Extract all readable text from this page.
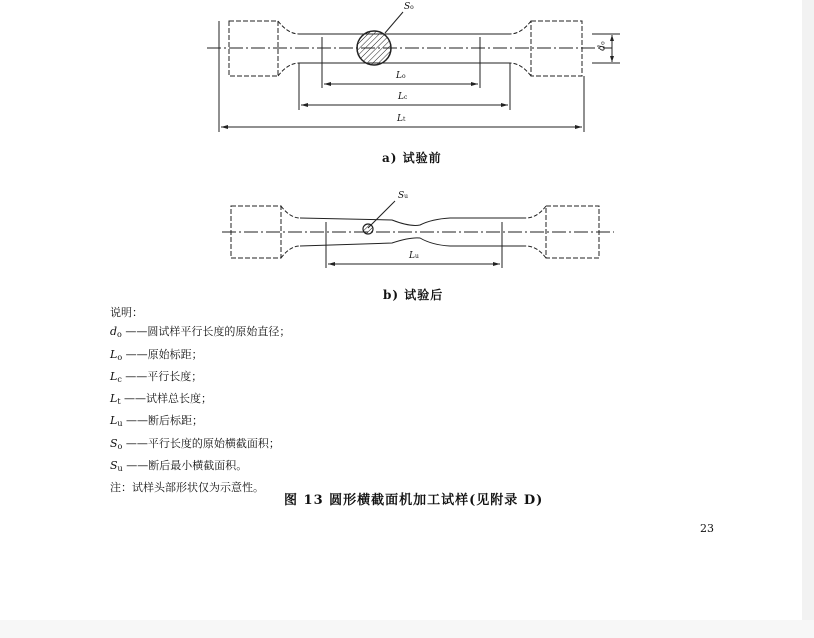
So
do
Lo
Lc
Lt
a) 试验前
Su
Lu
b) 试验后
说明：
$d_o$ ——圆试样平行长度的原始直径；
$L_o$ ——原始标距；
$L_c$ ——平行长度；
$L_t$ ——试样总长度；
$L_u$ ——断后标距；
$S_o$ ——平行长度的原始横截面积；
$S_u$ ——断后最小横截面积。
注：试样头部形状仅为示意性。
图 13 圆形横截面机加工试样(见附录 D)
23
